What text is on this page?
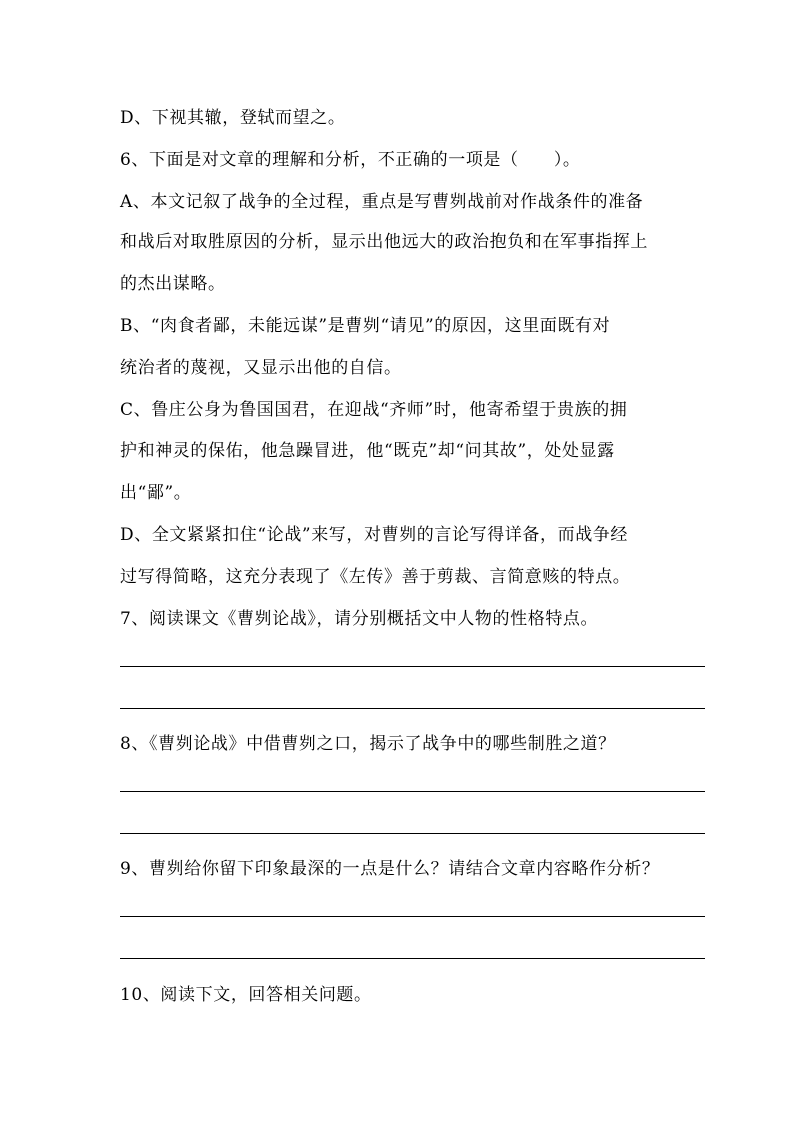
D、下视其辙，登轼而望之。
6、下面是对文章的理解和分析，不正确的一项是（　　）。
A、本文记叙了战争的全过程，重点是写曹刿战前对作战条件的准备
和战后对取胜原因的分析，显示出他远大的政治抱负和在军事指挥上
的杰出谋略。
B、“肉食者鄙，未能远谋”是曹刿“请见”的原因，这里面既有对
统治者的蔑视，又显示出他的自信。
C、鲁庄公身为鲁国国君，在迎战“齐师”时，他寄希望于贵族的拥
护和神灵的保佑，他急躁冒进，他“既克”却“问其故”，处处显露
出“鄙”。
D、全文紧紧扣住“论战”来写，对曹刿的言论写得详备，而战争经
过写得简略，这充分表现了《左传》善于剪裁、言简意赅的特点。
7、阅读课文《曹刿论战》，请分别概括文中人物的性格特点。
8、《曹刿论战》中借曹刿之口，揭示了战争中的哪些制胜之道？
9、曹刿给你留下印象最深的一点是什么？请结合文章内容略作分析？
10、阅读下文，回答相关问题。
